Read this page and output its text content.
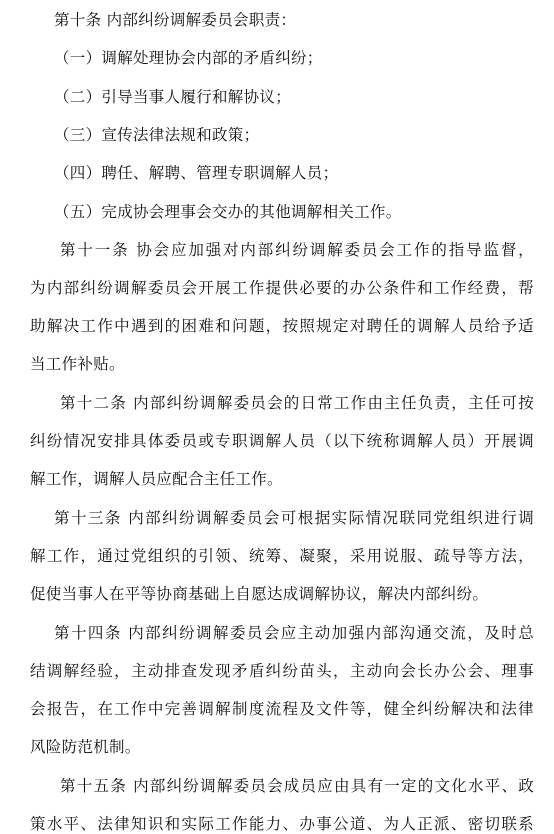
第十条 内部纠纷调解委员会职责：
（一）调解处理协会内部的矛盾纠纷；
（二）引导当事人履行和解协议；
（三）宣传法律法规和政策；
（四）聘任、解聘、管理专职调解人员；
（五）完成协会理事会交办的其他调解相关工作。
第十一条 协会应加强对内部纠纷调解委员会工作的指导监督，
为内部纠纷调解委员会开展工作提供必要的办公条件和工作经费，帮
助解决工作中遇到的困难和问题，按照规定对聘任的调解人员给予适
当工作补贴。
第十二条 内部纠纷调解委员会的日常工作由主任负责，主任可按
纠纷情况安排具体委员或专职调解人员（以下统称调解人员）开展调
解工作，调解人员应配合主任工作。
第十三条 内部纠纷调解委员会可根据实际情况联同党组织进行调
解工作，通过党组织的引领、统筹、凝聚，采用说服、疏导等方法，
促使当事人在平等协商基础上自愿达成调解协议，解决内部纠纷。
第十四条 内部纠纷调解委员会应主动加强内部沟通交流，及时总
结调解经验，主动排查发现矛盾纠纷苗头，主动向会长办公会、理事
会报告，在工作中完善调解制度流程及文件等，健全纠纷解决和法律
风险防范机制。
第十五条 内部纠纷调解委员会成员应由具有一定的文化水平、政
策水平、法律知识和实际工作能力、办事公道、为人正派、密切联系
